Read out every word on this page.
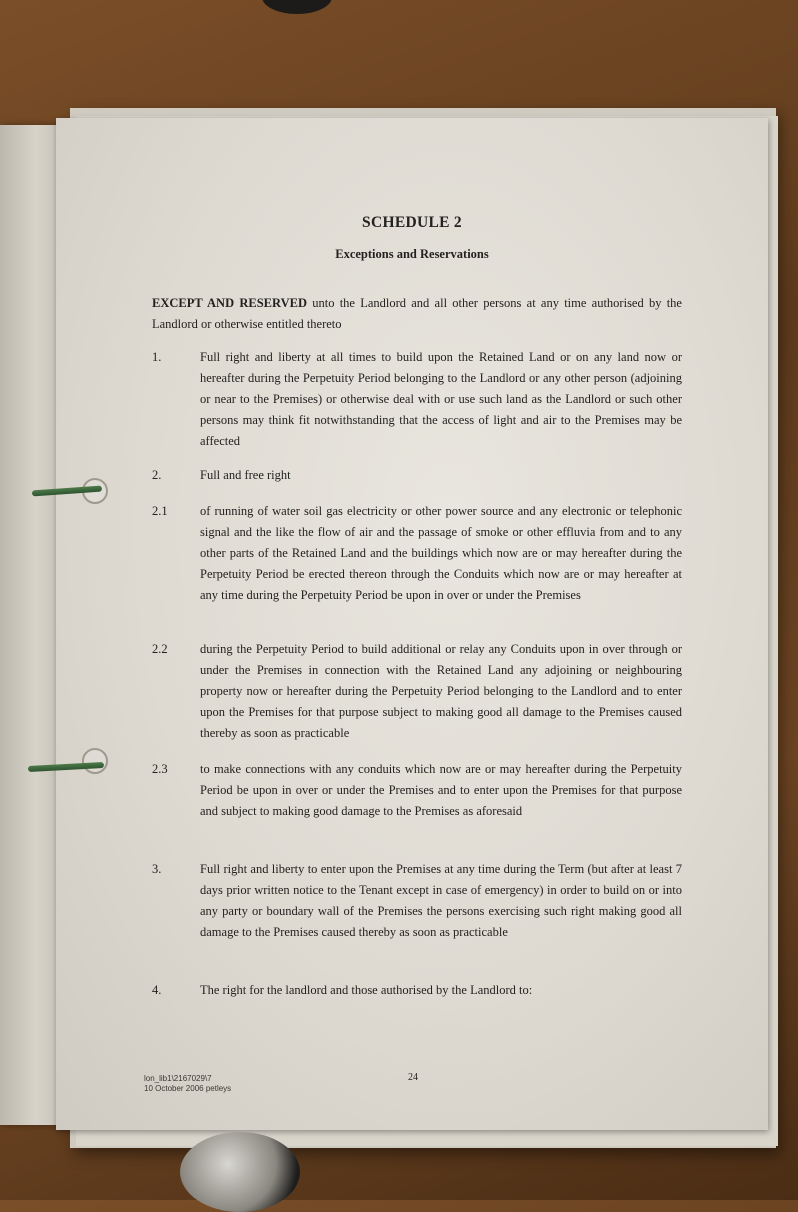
SCHEDULE 2
Exceptions and Reservations
EXCEPT AND RESERVED unto the Landlord and all other persons at any time authorised by the Landlord or otherwise entitled thereto
1.	Full right and liberty at all times to build upon the Retained Land or on any land now or hereafter during the Perpetuity Period belonging to the Landlord or any other person (adjoining or near to the Premises) or otherwise deal with or use such land as the Landlord or such other persons may think fit notwithstanding that the access of light and air to the Premises may be affected
2.	Full and free right
2.1	of running of water soil gas electricity or other power source and any electronic or telephonic signal and the like the flow of air and the passage of smoke or other effluvia from and to any other parts of the Retained Land and the buildings which now are or may hereafter during the Perpetuity Period be erected thereon through the Conduits which now are or may hereafter at any time during the Perpetuity Period be upon in over or under the Premises
2.2	during the Perpetuity Period to build additional or relay any Conduits upon in over through or under the Premises in connection with the Retained Land any adjoining or neighbouring property now or hereafter during the Perpetuity Period belonging to the Landlord and to enter upon the Premises for that purpose subject to making good all damage to the Premises caused thereby as soon as practicable
2.3	to make connections with any conduits which now are or may hereafter during the Perpetuity Period be upon in over or under the Premises and to enter upon the Premises for that purpose and subject to making good damage to the Premises as aforesaid
3.	Full right and liberty to enter upon the Premises at any time during the Term (but after at least 7 days prior written notice to the Tenant except in case of emergency) in order to build on or into any party or boundary wall of the Premises the persons exercising such right making good all damage to the Premises caused thereby as soon as practicable
4.	The right for the landlord and those authorised by the Landlord to:
lon_lib1\2167029\7
10 October 2006 petleys
24
